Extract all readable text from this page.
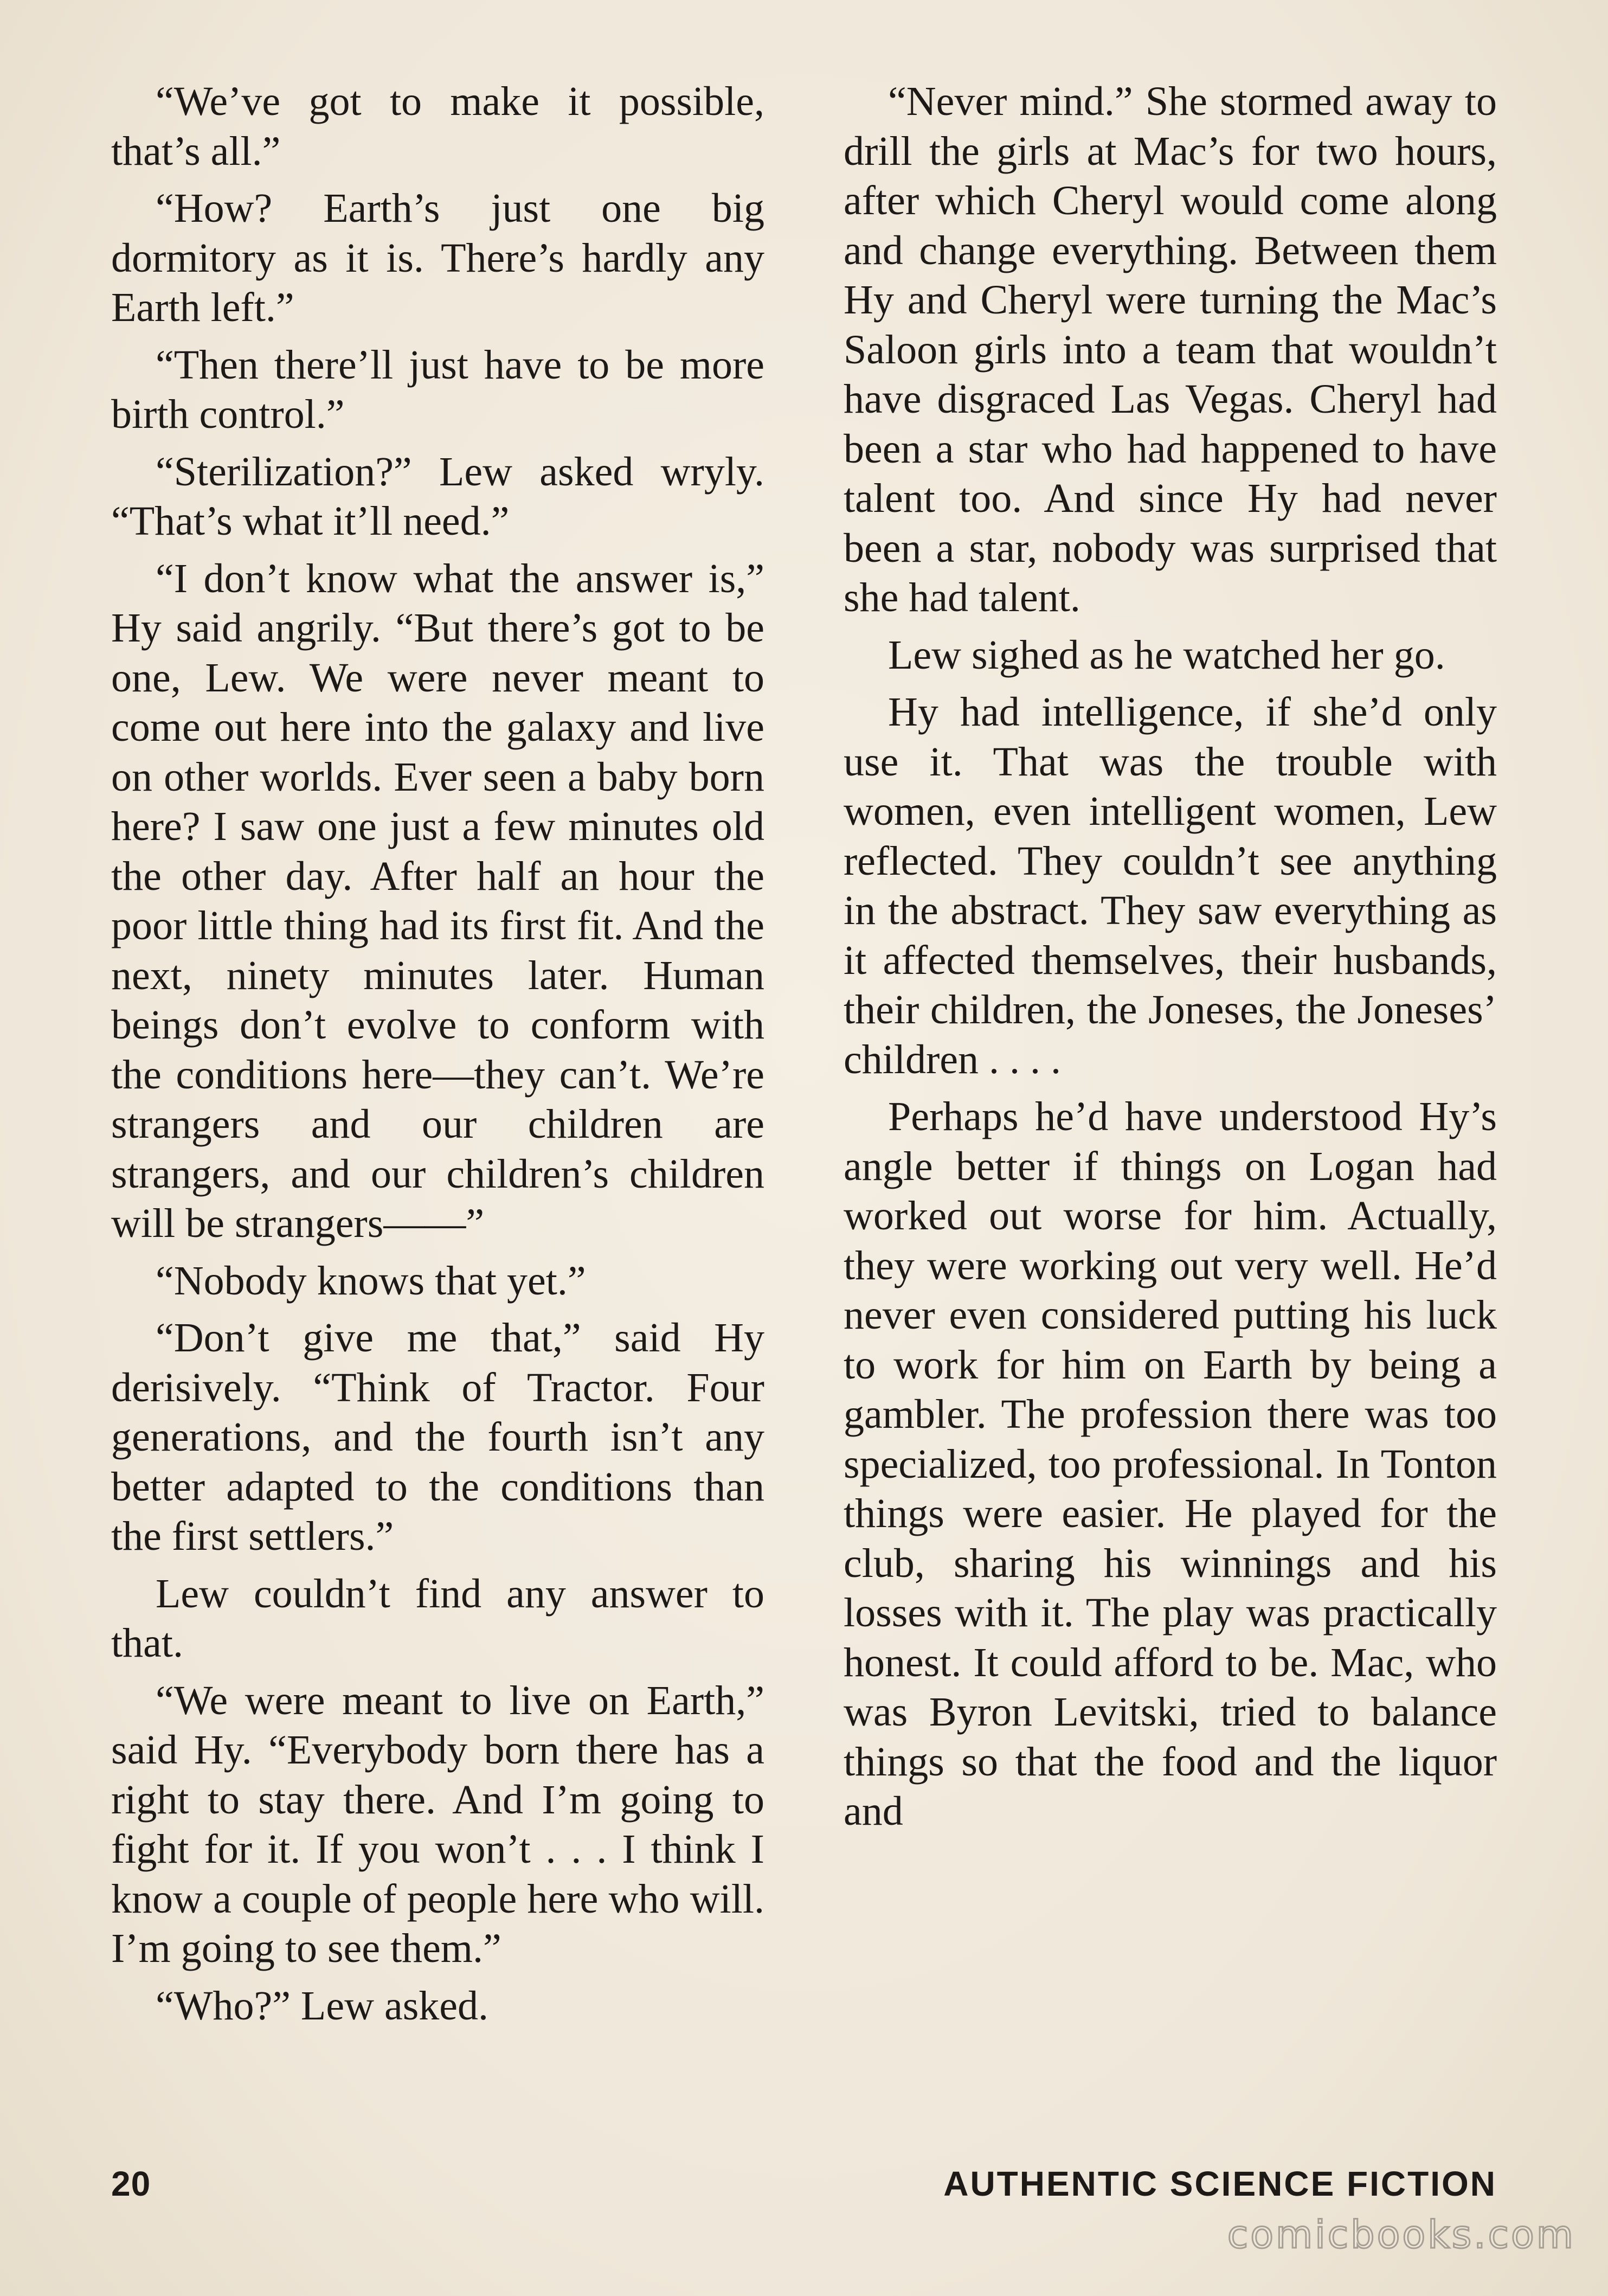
“We’ve got to make it possible, that’s all.”

“How? Earth’s just one big dormitory as it is. There’s hardly any Earth left.”

“Then there’ll just have to be more birth control.”

“Sterilization?” Lew asked wryly. “That’s what it’ll need.”

“I don’t know what the answer is,” Hy said angrily. “But there’s got to be one, Lew. We were never meant to come out here into the galaxy and live on other worlds. Ever seen a baby born here? I saw one just a few minutes old the other day. After half an hour the poor little thing had its first fit. And the next, ninety minutes later. Human beings don’t evolve to conform with the conditions here—they can’t. We’re strangers and our children are strangers, and our children’s children will be strangers——”

“Nobody knows that yet.”

“Don’t give me that,” said Hy derisively. “Think of Tractor. Four generations, and the fourth isn’t any better adapted to the conditions than the first settlers.”

Lew couldn’t find any answer to that.

“We were meant to live on Earth,” said Hy. “Everybody born there has a right to stay there. And I’m going to fight for it. If you won’t . . . I think I know a couple of people here who will. I’m going to see them.”

“Who?” Lew asked.

“Never mind.” She stormed away to drill the girls at Mac’s for two hours, after which Cheryl would come along and change everything. Between them Hy and Cheryl were turning the Mac’s Saloon girls into a team that wouldn’t have disgraced Las Vegas. Cheryl had been a star who had happened to have talent too. And since Hy had never been a star, nobody was surprised that she had talent.

Lew sighed as he watched her go.

Hy had intelligence, if she’d only use it. That was the trouble with women, even intelligent women, Lew reflected. They couldn’t see anything in the abstract. They saw everything as it affected themselves, their husbands, their children, the Joneses, the Joneses’ children . . . .

Perhaps he’d have understood Hy’s angle better if things on Logan had worked out worse for him. Actually, they were working out very well. He’d never even considered putting his luck to work for him on Earth by being a gambler. The profession there was too specialized, too professional. In Tonton things were easier. He played for the club, sharing his winnings and his losses with it. The play was practically honest. It could afford to be. Mac, who was Byron Levitski, tried to balance things so that the food and the liquor and

20	AUTHENTIC SCIENCE FICTION
comicbooks.com
